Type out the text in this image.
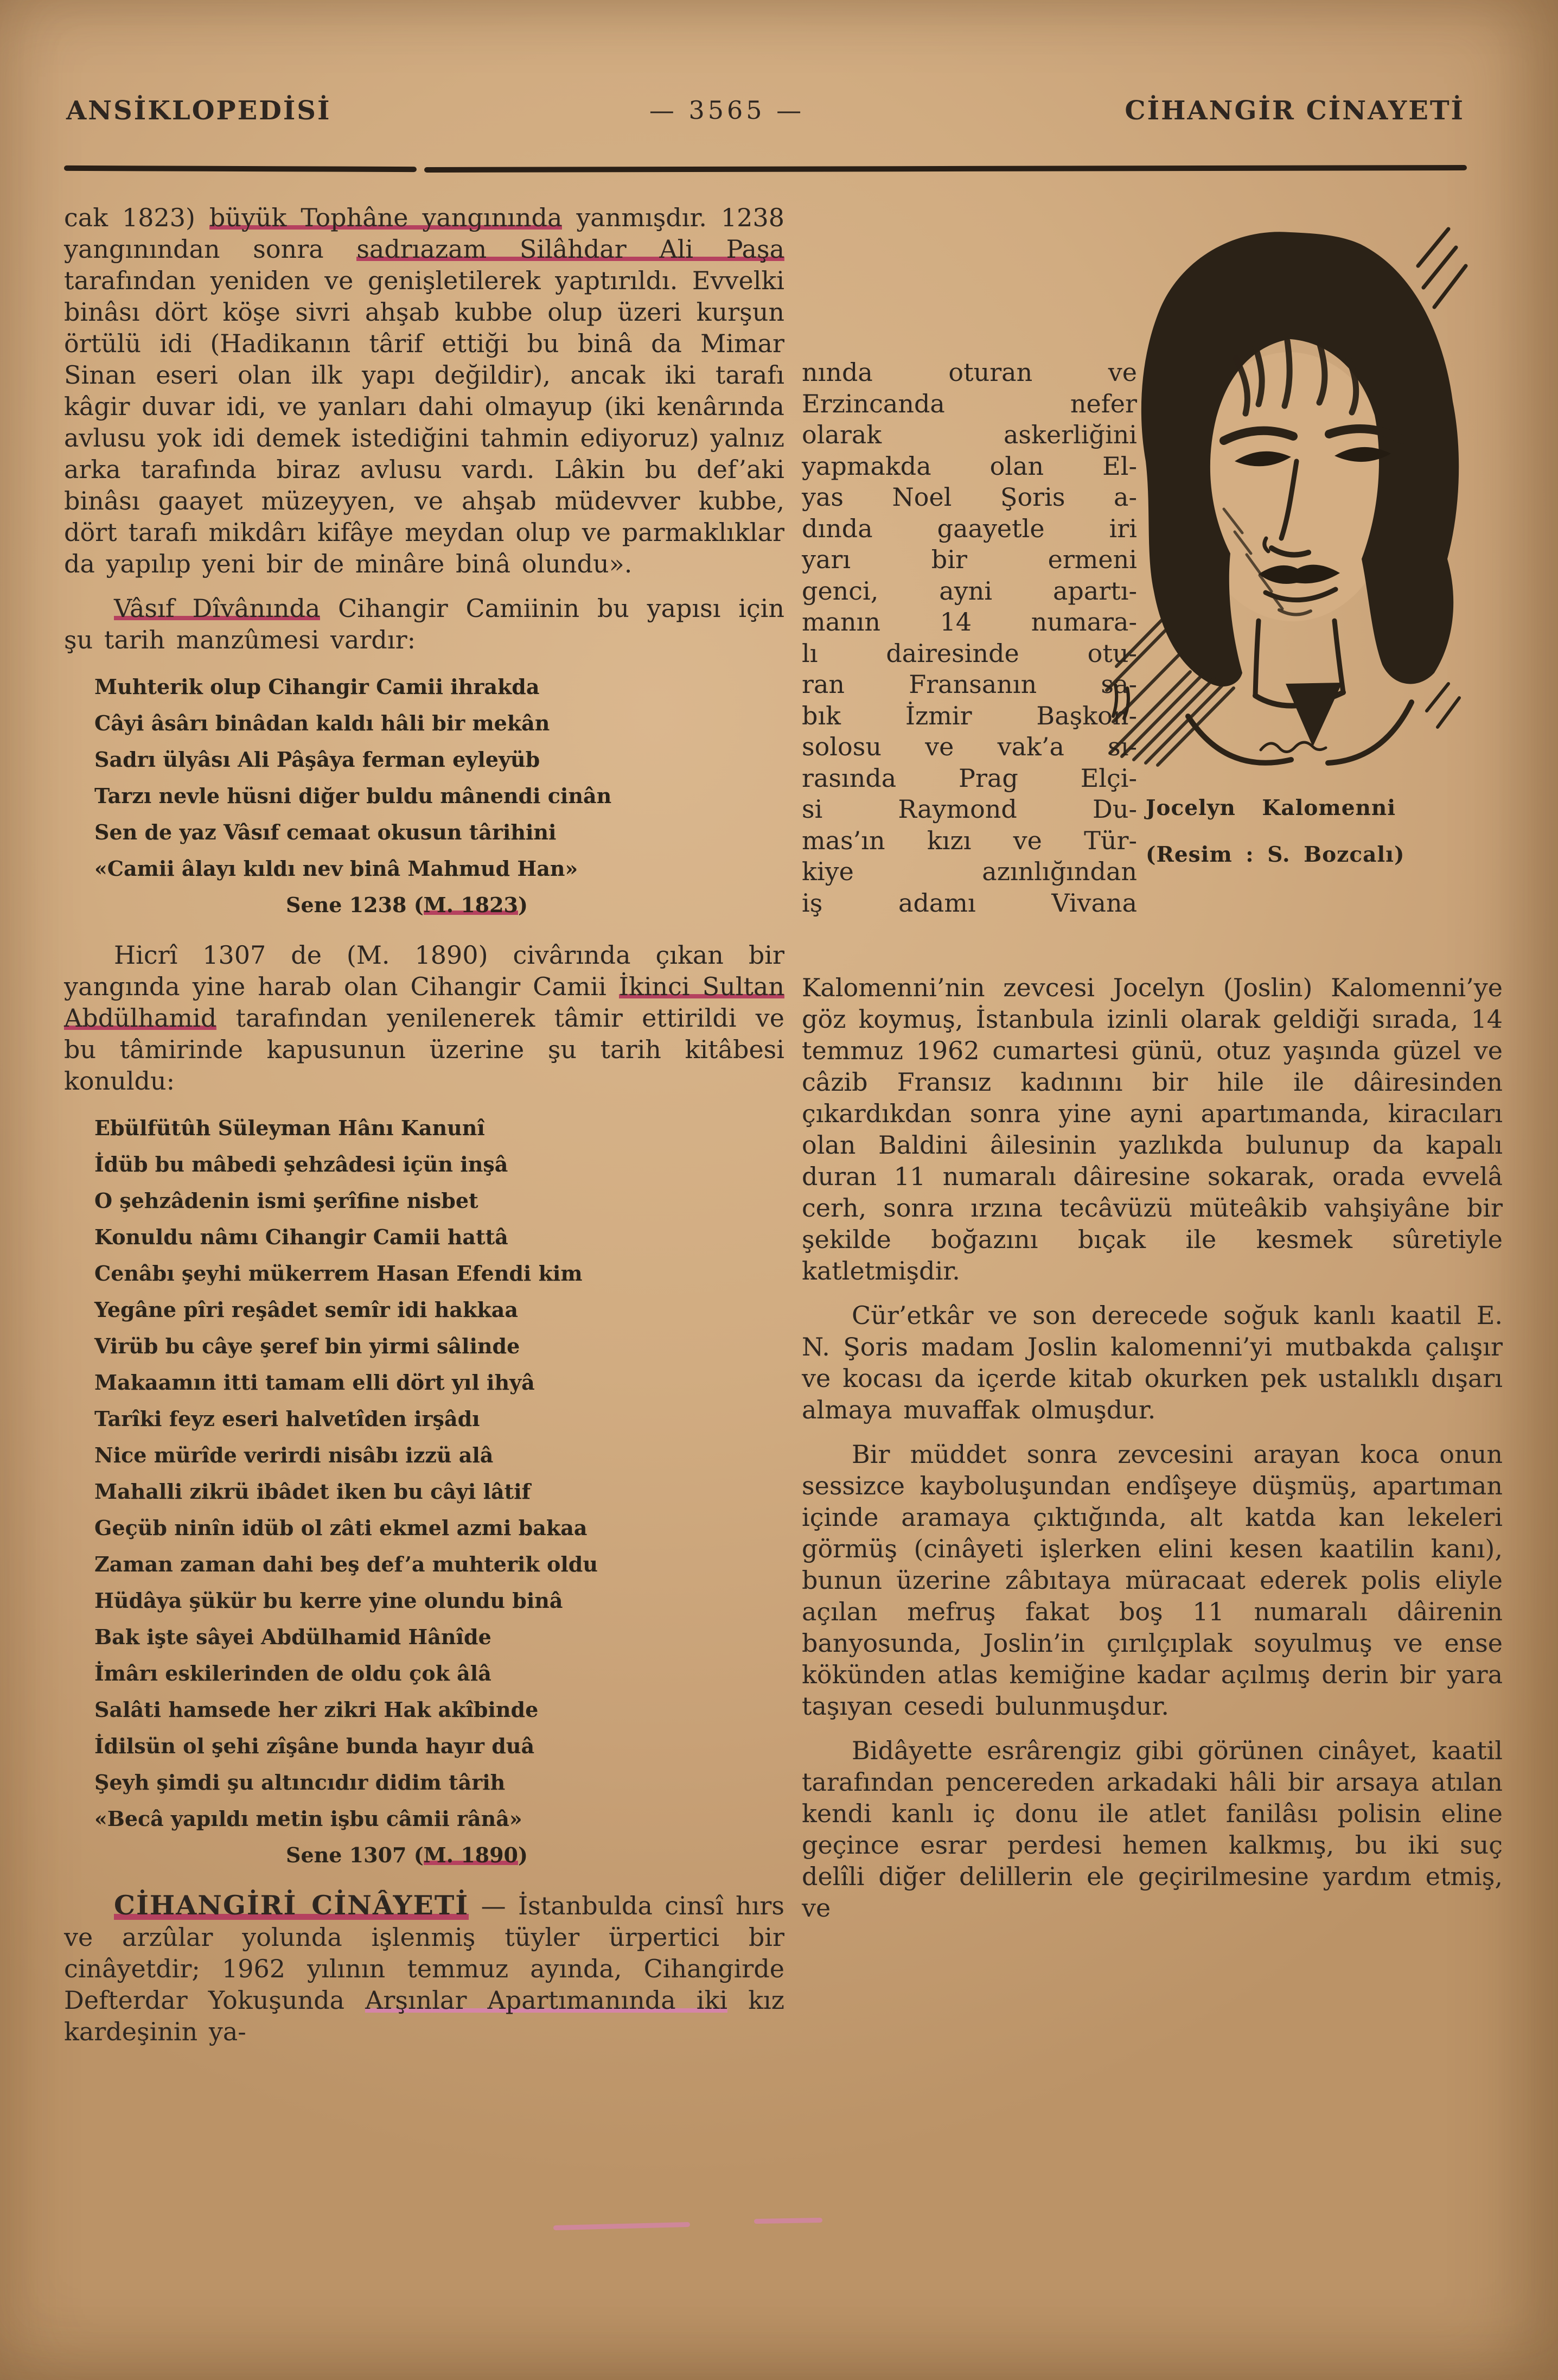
ANSİKLOPEDİSİ	— 3565 —	CİHANGİR CİNAYETİ

cak 1823) büyük Tophâne yangınında yanmışdır. 1238 yangınından sonra sadrıazam Silâhdar Ali Paşa tarafından yeniden ve genişletilerek yaptırıldı. Evvelki binâsı dört köşe sivri ahşab kubbe olup üzeri kurşun örtülü idi (Hadikanın târif ettiği bu binâ da Mimar Sinan eseri olan ilk yapı değildir), ancak iki tarafı kâgir duvar idi, ve yanları dahi olmayup (iki kenârında avlusu yok idi demek istediğini tahmin ediyoruz) yalnız arka tarafında biraz avlusu vardı. Lâkin bu def’aki binâsı gaayet müzeyyen, ve ahşab müdevver kubbe, dört tarafı mikdârı kifâye meydan olup ve parmaklıklar da yapılıp yeni bir de minâre binâ olundu».

Vâsıf Dîvânında Cihangir Camiinin bu yapısı için şu tarih manzûmesi vardır:

Muhterik olup Cihangir Camii ihrakda
Câyi âsârı binâdan kaldı hâli bir mekân
Sadrı ülyâsı Ali Pâşâya ferman eyleyüb
Tarzı nevle hüsni diğer buldu mânendi cinân
Sen de yaz Vâsıf cemaat okusun târihini
«Camii âlayı kıldı nev binâ Mahmud Han»
Sene 1238 (M. 1823)

Hicrî 1307 de (M. 1890) civârında çıkan bir yangında yine harab olan Cihangir Camii İkinci Sultan Abdülhamid tarafından yenilenerek tâmir ettirildi ve bu tâmirinde kapusunun üzerine şu tarih kitâbesi konuldu:

Ebülfütûh Süleyman Hânı Kanunî
İdüb bu mâbedi şehzâdesi içün inşâ
O şehzâdenin ismi şerîfine nisbet
Konuldu nâmı Cihangir Camii hattâ
Cenâbı şeyhi mükerrem Hasan Efendi kim
Yegâne pîri reşâdet semîr idi hakkaa
Virüb bu câye şeref bin yirmi sâlinde
Makaamın itti tamam elli dört yıl ihyâ
Tarîki feyz eseri halvetîden irşâdı
Nice mürîde verirdi nisâbı izzü alâ
Mahalli zikrü ibâdet iken bu câyi lâtif
Geçüb ninîn idüb ol zâti ekmel azmi bakaa
Zaman zaman dahi beş def’a muhterik oldu
Hüdâya şükür bu kerre yine olundu binâ
Bak işte sâyei Abdülhamid Hânîde
İmârı eskilerinden de oldu çok âlâ
Salâti hamsede her zikri Hak akîbinde
İdilsün ol şehi zîşâne bunda hayır duâ
Şeyh şimdi şu altıncıdır didim târih
«Becâ yapıldı metin işbu câmii rânâ»
Sene 1307 (M. 1890)

CİHANGİRİ CİNÂYETİ — İstanbulda cinsî hırs ve arzûlar yolunda işlenmiş tüyler ürpertici bir cinâyetdir; 1962 yılının temmuz ayında, Cihangirde Defterdar Yokuşunda Arşınlar Apartımanında iki kız kardeşinin ya-

nında oturan ve
Erzincanda nefer
olarak askerliğini
yapmakda olan El-
yas Noel Şoris a-
dında gaayetle iri
yarı bir ermeni
genci, ayni apartı-
manın 14 numara-
lı dairesinde otu-
ran Fransanın sa-
bık İzmir Başkon-
solosu ve vak’a sı-
rasında Prag Elçi-
si Raymond Du-
mas’ın kızı ve Tür-
kiye azınlığından
iş adamı Vivana

Kalomenni’nin zevcesi Jocelyn (Joslin) Kalomenni’ye göz koymuş, İstanbula izinli olarak geldiği sırada, 14 temmuz 1962 cumartesi günü, otuz yaşında güzel ve câzib Fransız kadınını bir hile ile dâiresinden çıkardıkdan sonra yine ayni apartımanda, kiracıları olan Baldini âilesinin yazlıkda bulunup da kapalı duran 11 numaralı dâiresine sokarak, orada evvelâ cerh, sonra ırzına tecâvüzü müteâkib vahşiyâne bir şekilde boğazını bıçak ile kesmek sûretiyle katletmişdir.

Cür’etkâr ve son derecede soğuk kanlı kaatil E. N. Şoris madam Joslin kalomenni’yi mutbakda çalışır ve kocası da içerde kitab okurken pek ustalıklı dışarı almaya muvaffak olmuşdur.

Bir müddet sonra zevcesini arayan koca onun sessizce kayboluşundan endîşeye düşmüş, apartıman içinde aramaya çıktığında, alt katda kan lekeleri görmüş (cinâyeti işlerken elini kesen kaatilin kanı), bunun üzerine zâbıtaya müracaat ederek polis eliyle açılan mefruş fakat boş 11 numaralı dâirenin banyosunda, Joslin’in çırılçıplak soyulmuş ve ense kökünden atlas kemiğine kadar açılmış derin bir yara taşıyan cesedi bulunmuşdur.

Bidâyette esrârengiz gibi görünen cinâyet, kaatil tarafından pencereden arkadaki hâli bir arsaya atılan kendi kanlı iç donu ile atlet fanilâsı polisin eline geçince esrar perdesi hemen kalkmış, bu iki suç delîli diğer delillerin ele geçirilmesine yardım etmiş, ve

Jocelyn Kalomenni
(Resim : S. Bozcalı)
